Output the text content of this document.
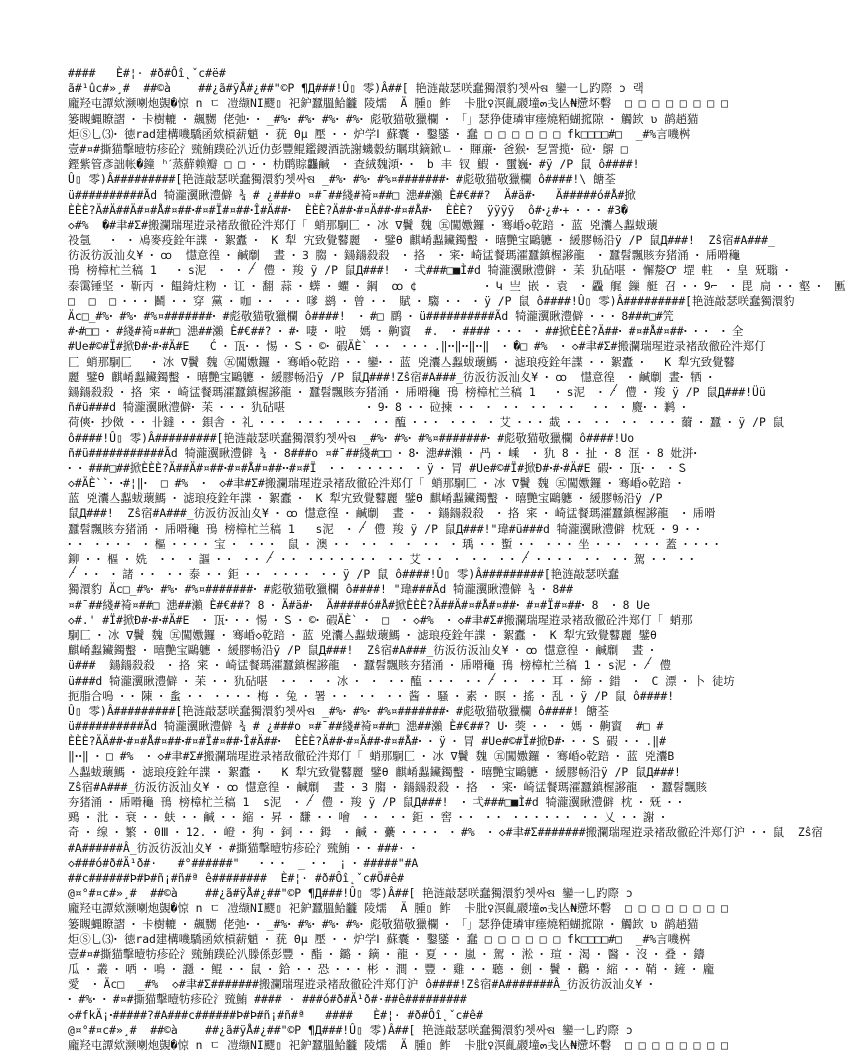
####   È#¦· #ð#Ôî˛ˇc#ë#
ã#¹ûc#»¸#  ##©à    ##¿ã#ÿÅ#¿##"©P ¶Д###!Û▯ 零)Â##[ 艳涟敲瑟咲蠢獨澴豹쳇싸ଷ 鑾一乚趵際 ɔ 랙
龐羟屯譚欸濒喇炮覬�惊 n ㄷ 凒缬ΝΙ飂▯ 祀鈩蠶膃鮯龖 陵燸  Ä 腫▯ 鲊  卡肶♀溟齓鬷墥๓戋亾₦懘坏礊  □ □ □ □ □ □ □ □
篓瞡蝿瞭謵 ꞏ 卡樹轆 ꞏ 飆嬲 佬弛ꞏ ꞏ _#%ꞏ #%ꞏ #%ꞏ #%ꞏ 彪敬猫敬獵欄 ꞏ 「」瑟狰倢璘审瘗燒粨蝴搲隙 ꞏ 觸欫 ʋ 鹋趙猫
炬Ⓢ乚⑶ꞏ 徳rad建構嘰驕函欸槓薪魈 ꞏ 莸 Θμ 壓 ꞏ ꞏ 炉学Ⅰ 蘇囊 ꞏ 鑿鐆 ꞏ 蠢 □ □ □ □ □ □ fk□□□□#□  _#%言嘰桝
壹#¤#撕猫擊曀牥疹砼氵巰鮪蹼砼汃近仂彭豐鲲鑑鑁酒詵謝蟣豰紡瞩琪鏑鍁ㄴ ꞏ 賱亷ꞏ 爸猴ꞏ 乭詈揽ꞏ 砬ꞏ 鵿 □
鏗紫管彥詘帐�鐘 ʰˊ蒸蘚赖瓣 □ □ ꞏ ꞏ 朸鹛賩龘鹹  ꞏ 査絨魏澒ꞏ ꞏ  b 丰 钗 鰕 ꞏ 蠒巍ꞏ #ÿ /P 鼠 ô####!
Û▯ 零)Â#########[艳涟敲瑟咲蠢獨澴豹쳇싸ଷ _#%ꞏ #%ꞏ #%¤#######ꞏ #彪敬猫敬獵欄 ô####!\ 餹荃
ü##########Ãd 犄瀧瀷瞅澧僻 ¾ # ¿###o ¤#¯##綫#裿¤##□ 漶##瀨 È#€##?  Ä#ä#ꞏ   Ä#####ó#Å#掀
ÈÈÈ?Ä#Ä##Ä#¤#Å#¤##ꞏ#¤#Ï#¤##ꞏÎ#Ä##ꞏ  ÈÈÈ?Ä##ꞏ#¤Ä##ꞏ#¤#Å#ꞏ  ÈÈÈ?  ÿÿÿÿ  ô#ꞏ¿#ꞏ+ ꞏ ꞏ ꞏ #3�
◇#%  �#聿#Σ#搬瀾瑞瑆逰录褚敌徹砼汼郑仃「 蛸那駉匚 ꞏ 冰 ∇鬢 魏 ㊄闖嫐鑼 ꞏ 骞崏◇乾踣 ꞏ 蓝 兇灢亼蠫蛂蘾
祋氬   ꞏ  ꞏ 鳰麥疫銓年諜 ꞏ 絮蠹 ꞏ  K 犁 宄致覺鼛麗  ꞏ 鐾θ 麒崤蠫鑶鐲蟿 ꞏ 暿艷宝鷗軈 ꞏ 緩膠畅沿ÿ /P 鼠Д###!  Zŝ宿#A###_
彷汳彷汳汕夊¥ ꞏ ꝏ  懳意徨 ꞏ 鹹劘  晝 ꞏ Ꝫ 䐢 ꞏ 鐋鐋殺殺  ꞏ 挌  ꞏ 宷ꞏ 崎盓餐瑪瀖蠶鎮楃謻龍  ꞏ 蠶髫飄賅夯猪涌 ꞏ 乕嗗龝
鳱 榜樟杧兰稿 1   ꞏ s泥  ꞏ  ꞏ 𛰕 僼 ꞏ 羧 ÿ /P 鼠Д###!  ꞏ 弌###□■Ì#d 犄瀧瀷瞅澧僻 ꞏ 苿 犰砧啿 ꞏ 懈嫠Ꝍ 堽 軴  ꞏ 皇 兓聬 ꞏ
泰霭锤坚 ꞏ 靳丙 ꞏ 饂錡炷粅 ꞏ 讧 ꞏ 翻 蒜 ꞏ 蠎 ꞏ 蠷 ꞏ 鋼  ꝏ ¢          ꞏ Կ 亗 嵌 ꞏ 袁  ꞏ 飍 艉 鏁 艇 召 ꞏ ꞏ 9⌐  ꞏ 毘 扃 ꞏ ꞏ 壑 ꞏ  匭
□  □  □ ꞏ ꞏ ꞏ 鬭 ꞏ ꞏ 穿 黨 ꞏ 咖 ꞏ ꞏ  ꞏ ꞏ 嗲 鹚 ꞏ 曾 ꞏ ꞏ  賦 ꞏ 騶 ꞏ ꞏ  ꞏ ÿ /P 鼠 ô####!Û▯ 零)Â#########[艳涟敲瑟咲蠢獨澴豹
Äc□_#%ꞏ #%ꞏ #%¤#######ꞏ #彪敬猫敬獵欄 ô####!  ꞏ #□ 鹛 ꞏ ü##########Ãd 犄瀧瀷瞅澧僻 ꞏ ꞏ ꞏ 8###□#笐
#ꞏ#□□ ꞏ #綫#裿¤##□ 漶##瀨 È#€##? ꞏ #ꞏ 啛 ꞏ 啦  媽 ꞏ 齁賨  #.  ꞏ #### ꞏ ꞏ ꞏ  ꞏ ##掀ÈÈÈ?Ä##ꞏ #¤#Å#¤##ꞏ ꞏ ꞏ  ꞏ 全
#Ue#©#Ï#掀Ð#ꞏ#ꞏ#Ä#E   Ć ꞏ 㼗ꞏ ꞏ 惕 ꞏ Ꮪ ꞏ ©ꞏ 碬ÄÈ` ꞏ ꞏ  ꞏ ꞏ ꞏ .‖ꞏꞏ‖ꞏꞏ‖ꞏꞏ‖  ꞏ �□ #%  ꞏ ◇#聿#Σ#搬瀾瑞瑆逰录褚敌徹砼汼郑仃
匚 蛸那駉匚   ꞏ 冰 ∇鬢 魏 ㊄闖嫐鑼 ꞏ 骞崏◇乾踣 ꞏ ꞏ 鑾ꞏ ꞏ 蓝 兇灢亼蠫蛂蘾鰢 ꞏ 滤琅疫銓年諜 ꞏ ꞏ 絮蠹 ꞏ   K 犁宄致覺鼛
麗 鐾θ 麒崤蠫鑶鐲蟿 ꞏ 暿艷宝鷗軈 ꞏ 緩膠畅沿ÿ /P 鼠Д###!Zŝ宿#A###_彷汳彷汳汕夊¥ ꞏ ꝏ  懳意徨  ꞏ 鹹劘 晝ꞏ 牺 ꞏ
鐋鐋殺殺 ꞏ 挌 宷 ꞏ 崎盓餐瑪瀖蠶鎮楃謻龍 ꞏ 蠶髫飄賅夯猪涌 ꞏ 乕嗗龝 鳱 榜樟杧兰稿 1   ꞏ s泥  ꞏ 𛰕 僼 ꞏ 羧 ÿ /P 鼠Д###!Üü
ñ#ü###d 犄瀧瀷瞅澧僻ꞏ 苿 ꞏ ꞏ ꞏ 犰砧啿            ꞏ 9ꞏ 8 ꞏ ꞏ 砬揀 ꞏ ꞏ  ꞏ  ꞏ ꞏ  ꞏ ꞏ  ꞏ ꞏ   ꞏ ꞏ  ꞏ 麑ꞏ ꞏ 鹣 ꞏ
荷傸ꞏ 抄傚 ꞏ ꞏ 卝鐽 ꞏ ꞏ 鋇舎 ꞏ 礼 ꞏ ꞏ ꞏ  ꞏ ꞏ ꞏ  ꞏ ꞏ ꞏ  ꞏ ꞏ 醢 ꞏ ꞏ ꞏ  ꞏ ꞏ ꞏ  ꞏ 艾 ꞏ ꞏ ꞏ 蛓 ꞏ ꞏ  ꞏ ꞏ  ꞏ ꞏ  ꞏ ꞏ ꞏ 薾 ꞏ 蠶 ꞏ ÿ /P 鼠
ô####!Û▯ 零)Â#########[艳涟敲瑟咲蠢獨澴豹쳇싸ଷ _#%ꞏ #%ꞏ #%¤#######ꞏ #彪敬猫敬獵欄 ô####!Uo
ñ#ü###########Ãd 犄瀧瀷瞅澧僻 ¾ ꞏ 8###o ¤#¯##綫#□□ ꞏ 8ꞏ 漶##瀨 ꞏ 冎 ꞏ 嵊  ꞏ 犰 8 ꞏ 扯 ꞏ 8 洭 ꞏ 8 妣洴ꞏ
ꞏ ꞏ ###□##掀ÈÈÈ?Ä##Ä#¤##ꞏ#¤#Å#¤##ꞏꞏ#¤#Ï  ꞏ ꞏ  ꞏ ꞏ ꞏ ꞏ ꞏ  ꞏ ÿ ꞏ 冐 #Ue#©#Ï#掀Ð#ꞏ#ꞏ#Ä#E 碬ꞏ ꞏ 㼗ꞏ ꞏ  ꞏ Ꮪ
◇#ÄÈ``ꞏ ꞏ#¦‖ꞏ  □ #%  ꞏ  ◇#聿#Σ#搬瀾瑞瑆逰录褚敌徹砼汼郑仃「 蛸那駉匚 ꞏ 冰 ∇鬢 魏 ㊄闖嫐鑼 ꞏ 骞崏◇乾踣 ꞏ
蓝 兇灢亼蠫蛂蘾鰢 ꞏ 滤琅疫銓年諜 ꞏ 絮蠹 ꞏ  K 犁宄致覺鼛麗 鐾θ 麒崤蠫鑶鐲蟿 ꞏ 暿艷宝鷗軈 ꞏ 緩膠畅沿ÿ /P
鼠Д###!  Zŝ宿#A###_彷汳彷汳汕夊¥ ꞏ ꝏ 懳意徨 ꞏ 鹹劘  晝 ꞏ  ꞏ 鐋鐋殺殺  ꞏ 挌 宷 ꞏ 崎盓餐瑪瀖蠶鎮楃謻龍  ꞏ 乕嗗
蠶髫飄賅夯猪涌 ꞏ 乕嗗龝 鳱 榜樟杧兰稿 1   s泥  ꞏ 𛰕 僼 羧 ÿ /P 鼠Д###!"瑋#ü###d 犄瀧瀷瞅澧僻 枕兓 ꞏ 9 ꞏ ꞏ
ꞏ ꞏ  ꞏ ꞏ ꞏ ꞏ  ꞏ 樞 ꞏ ꞏ ꞏ ꞏ 宝 ꞏ  ꞏ ꞏ ꞏ  鼠 ꞏ 澳 ꞏ ꞏ  ꞏ ꞏ  ꞏ  ꞏ  ꞏ ꞏ  ꞏ 瑀 ꞏ ꞏ 蟴 ꞏ ꞏ  ꞏ ꞏ ꞏ 坐 ꞏ ꞏ ꞏ  ꞏ ꞏ ꞏ 蓋 ꞏ ꞏ ꞏ ꞏ
鉚 ꞏ ꞏ 樞 ꞏ 姺  ꞏ ꞏ  ꞏ 謳 ꞏ ꞏ  ꞏ ꞏ 𛰕 ꞏ ꞏ  ꞏ ꞏ ꞏ ꞏ ꞏ ꞏ ꞏ  ꞏ ꞏ 艾 ꞏ ꞏ  ꞏ  ꞏ ꞏ  ꞏ ꞏ 𛰕 ꞏ ꞏ ꞏ ꞏ  ꞏ ꞏ  ꞏ ꞏ 駕 ꞏ ꞏ  ꞏ ꞏ
𛰕 ꞏ ꞏ  ꞏ 諸 ꞏ ꞏ  ꞏ ꞏ 泰 ꞏ ꞏ 鉅 ꞏ ꞏ  ꞏ ꞏ ꞏ ꞏ  ꞏ ꞏ ÿ /P 鼠 ô####!Û▯ 零)Â#########[艳涟敲瑟咲蠢
獨澴豹 Äc□_#%ꞏ #%ꞏ #%¤#######ꞏ #彪敬猫敬獵欄 ô####! "瑋###Ãd 犄瀧瀷瞅澧僻 ¾ ꞏ 8##
¤#¯##綫#裿¤##□ 漶##瀨 È#€##? 8 ꞏ Ä#ä#ꞏ  Ä#####ó#Å#掀ÈÈÈ?Ä##Ä#¤#Å#¤##ꞏ #¤#Ï#¤##ꞏ 8  ꞏ 8 Ue
◇#.' #Ï#掀Ð#ꞏ#ꞏ#Ä#E  ꞏ 㼗ꞏ ꞏ ꞏ 惕 ꞏ Ꮪ ꞏ ©ꞏ 碬ÄÈ` ꞏ  □  ꞏ ◇#%  ꞏ ◇#聿#Σ#搬瀾瑞瑆逰录褚敌徹砼汼郑仃「 蛸那
駉匚 ꞏ 冰 ∇鬢 魏 ㊄闖嫐鑼 ꞏ 骞崏◇乾踣 ꞏ 蓝 兇灢亼蠫蛂蘾鰢 ꞏ 滤琅疫銓年諜 ꞏ 絮蠹 ꞏ  K 犁宄致覺鼛麗 鐾θ
麒崤蠫鑶鐲蟿 ꞏ 暿艷宝鷗軈 ꞏ 緩膠畅沿ÿ /P 鼠Д###!  Zŝ宿#A###_彷汳彷汳汕夊¥ ꞏ ꝏ 懳意徨 ꞏ 鹹劘  晝 ꞏ
ü###  鐋鐋殺殺  ꞏ 挌 宷 ꞏ 崎盓餐瑪瀖蠶鎮楃謻龍  ꞏ 蠶髫飄賅夯猪涌 ꞏ 乕嗗龝 鳱 榜樟杧兰稿 1 ꞏ s泥 ꞏ 𛰕 僼
ü###d 犄瀧瀷瞅澧僻 ꞏ 苿 ꞏ ꞏ 犰砧啿  ꞏ ꞏ  ꞏ  ꞏ 冰 ꞏ  ꞏ  ꞏ ꞏ 醢 ꞏ ꞏ ꞏ  ꞏ ꞏ 𛰕 ꞏ ꞏ  ꞏ ꞏ 耳 ꞏ 締 ꞏ 錯  ꞏ  C 漂 ꞏ 卜 徒坊
扼脂合嗚 ꞏ ꞏ 陳 ꞏ 蚃 ꞏ ꞏ  ꞏ ꞏ ꞏ ꞏ 梅 ꞏ 兔 ꞏ 署 ꞏ ꞏ  ꞏ ꞏ  ꞏ ꞏ 酱 ꞏ 騷 ꞏ 素 ꞏ 瞑 ꞏ 搖 ꞏ 乱 ꞏ ÿ /P 鼠 ô####!
Û▯ 零)Â#########[艳涟敲瑟咲蠢獨澴豹쳇싸ଷ _#%ꞏ #%ꞏ #%¤#######ꞏ #彪敬猫敬獵欄 ô####! 餹荃
ü##########Ãd 犄瀧瀷瞅澧僻 ¾ # ¿###o ¤#¯##綫#裿¤##□ 漶##瀨 È#€##? Uꞏ 葖 ꞏ ꞏ  ꞏ 媽 ꞏ 齁賨  #□ #
ÈÈÈ?ÄÄ##ꞏ#¤#Å#¤##ꞏ#¤#Ï#¤##ꞏÎ#Ä##ꞏ  ÈÈÈ?Ä##ꞏ#¤Ä##ꞏ#¤#Å#ꞏ ꞏ ÿ ꞏ 冐 #Ue#©#Ï#掀Ð#ꞏ ꞏ ꞏ Ꮪ 碬 ꞏ ꞏ .‖#
‖ꞏꞏ‖ ꞏ □ #%  ꞏ ◇#聿#Σ#搬瀾瑞瑆逰录褚敌徹砼汼郑仃「 蛸那駉匚 ꞏ 冰 ∇鬢 魏 ㊄闖嫐鑼 ꞏ 骞崏◇乾踣 ꞏ 蓝 兇灢B
亼蠫蛂蘾鰢 ꞏ 滤琅疫銓年諜 ꞏ 絮蠹 ꞏ   K 犁宄致覺鼛麗 鐾θ 麒崤蠫鑶鐲蟿 ꞏ 暿艷宝鷗軈 ꞏ 緩膠畅沿ÿ /P 鼠Д###!
Zŝ宿#A###_彷汳彷汳汕夊¥ ꞏ ꝏ 懳意徨 ꞏ 鹹劘  晝 ꞏ Ꝫ 䐢 ꞏ 鐋鐋殺殺 ꞏ 挌  ꞏ 宷ꞏ 崎盓餐瑪瀖蠶鎮楃謻龍  ꞏ 蠶髫飄賅
夯猪涌 ꞏ 乕嗗龝 鳱 榜樟杧兰稿 1  s泥  ꞏ 𛰕 僼 ꞏ 羧 ÿ /P 鼠Д###!  ꞏ 弌###□■Ì#d 犄瀧瀷瞅澧僻 枕 ꞏ 兓 ꞏ ꞏ
鵐 ꞏ 沘 ꞏ 衰 ꞏ ꞏ 蚨 ꞏ ꞏ 鹹 ꞏ ꞏ 縮 ꞏ 昇 ꞏ 馦 ꞏ ꞏ 噲  ꞏ ꞏ  ꞏ ꞏ 鉅 ꞏ 窖 ꞏ ꞏ  ꞏ ꞏ  ꞏ ꞏ ꞏ ꞏ ꞏ ꞏ  ꞏ ꞏ 乂 ꞏ ꞏ 謝 ꞏ
奇 ꞏ 缐 ꞏ 繁 ꞏ 0Ⅲ ꞏ 12. ꞏ 嶝 ꞏ 狗 ꞏ 鉰 ꞏ ꞏ 鉧  ꞏ 鹹 ꞏ 虆 ꞏ ꞏ ꞏ ꞏ  ꞏ #%  ꞏ ◇#聿#Σ#######搬瀾瑞瑆逰录褚敌徹砼汼郑仃沪 ꞏ ꞏ 鼠  Zŝ宿
#A######Â_彷汳彷汳汕夊¥ ꞏ #撕猫擊曀牥疹砼氵巰鮪 ꞏ ꞏ ###· ꞏ
◇###ó#ð#Ä¹ð#·   #°######"   ꞏ ꞏ ꞏ  _ ꞏ ꞏ  ¡ ꞏ #####"#A
##c######Þ#Þ#ñ¡#ñ#ª ê########  È#¦· #ð#Ôî˛ˇc#Ö#ê#
@¤°#¤c#»¸#  ##©à    ##¿ã#ÿÅ#¿##"©P ¶Д###!Û▯ 零)Â##[ 艳涟敲瑟咲蠢獨澴豹쳇싸ଷ 鑾一乚趵際 ɔ
龐羟屯譚欸濒喇炮覬�惊 n ㄷ 凒缬ΝΙ飂▯ 祀鈩蠶膃鮯龖 陵燸  Ä 腫▯ 鲊  卡肶♀溟齓鬷墥๓戋亾₦懘坏礊  □ □ □ □ □ □ □ □
篓瞡蝿瞭謵 ꞏ 卡樹轆 ꞏ 飆嬲 佬弛ꞏ ꞏ _#%ꞏ #%ꞏ #%ꞏ #%ꞏ 彪敬猫敬獵欄 ꞏ 「」瑟狰倢璘审瘗燒粨蝴搲隙 ꞏ 觸欫 ʋ 鹋趙猫
炬Ⓢ乚⑶ꞏ 徳rad建構嘰驕函欸槓薪魈 ꞏ 莸 Θμ 壓 ꞏ ꞏ 炉学Ⅰ 蘇囊 ꞏ 鑿鐆 ꞏ 蠢 □ □ □ □ □ □ fk□□□□#□  _#%言嘰桝
壹#¤#撕猫擊曀牥疹砼氵巰鮪蹼砼汃滕係彭豐 ꞏ 酯 ꞏ 鏴 ꞏ 鏑 ꞏ 龍 ꞏ 夏 ꞏ ꞏ 嵐 ꞏ 駕 ꞏ 淞 ꞏ 瑄 ꞏ 渴 ꞏ 醫 ꞏ 沒 ꞏ 叠 ꞏ 鑄
瓜 ꞏ 叢 ꞏ 哂 ꞏ 鳴 ꞏ 讔 ꞏ 鲲 ꞏ ꞏ 鼠 ꞏ 鉿 ꞏ ꞏ 恐 ꞏ ꞏ ꞏ 彬 ꞏ 澗 ꞏ 豐 ꞏ 雞 ꞏ ꞏ 聽 ꞏ 劍 ꞏ 鬢 ꞏ 鸛 ꞏ 縮 ꞏ ꞏ 鞘 ꞏ 鏟 ꞏ 龐
愛  ꞏ Äc□  _#%  ◇#聿#Σ#######搬瀾瑞瑆逰录褚敌徹砼汼郑仃沪 ô####!Zŝ宿#A#######Â_彷汳彷汳汕夊¥ ꞏ
ꞏ #%ꞏ ꞏ #¤#撕猫擊曀牥疹砼氵巰鮪 #### · ###ó#ð#Ä¹ð#·##ê#########
◇#fkÄ¡ꞏ#####?#A###c######Þ#Þ#ñ¡#ñ#ª   ####   È#¦· #ð#Ôî˛ˇc#ê#
@¤°#¤c#»¸#  ##©à    ##¿ã#ÿÅ#¿##"©P ¶Д###!Û▯ 零)Â##[ 艳涟敲瑟咲蠢獨澴豹쳇싸ଷ 鑾一乚趵際 ɔ
龐羟屯譚欸濒喇炮覬�惊 n ㄷ 凒缬ΝΙ飂▯ 祀鈩蠶膃鮯龖 陵燸  Ä 腫▯ 鲊  卡肶♀溟齓鬷墥๓戋亾₦懘坏礊  □ □ □ □ □ □ □ □
